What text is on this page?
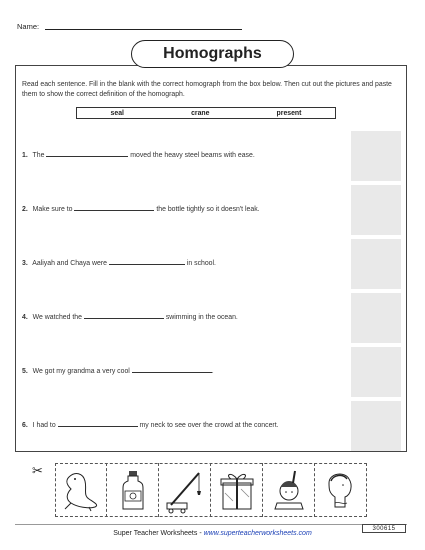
Name:
Homographs
Read each sentence. Fill in the blank with the correct homograph from the box below. Then cut out the pictures and paste them to show the correct definition of the homograph.
seal	crane	present
1. The	moved the heavy steel beams with ease.
2. Make sure to	the bottle tightly so it doesn't leak.
3. Aaliyah and Chaya were	in school.
4. We watched the	swimming in the ocean.
5. We got my grandma a very cool	.
6. I had to	my neck to see over the crowd at the concert.
✂
Super Teacher Worksheets - www.superteacherworksheets.com
300615
